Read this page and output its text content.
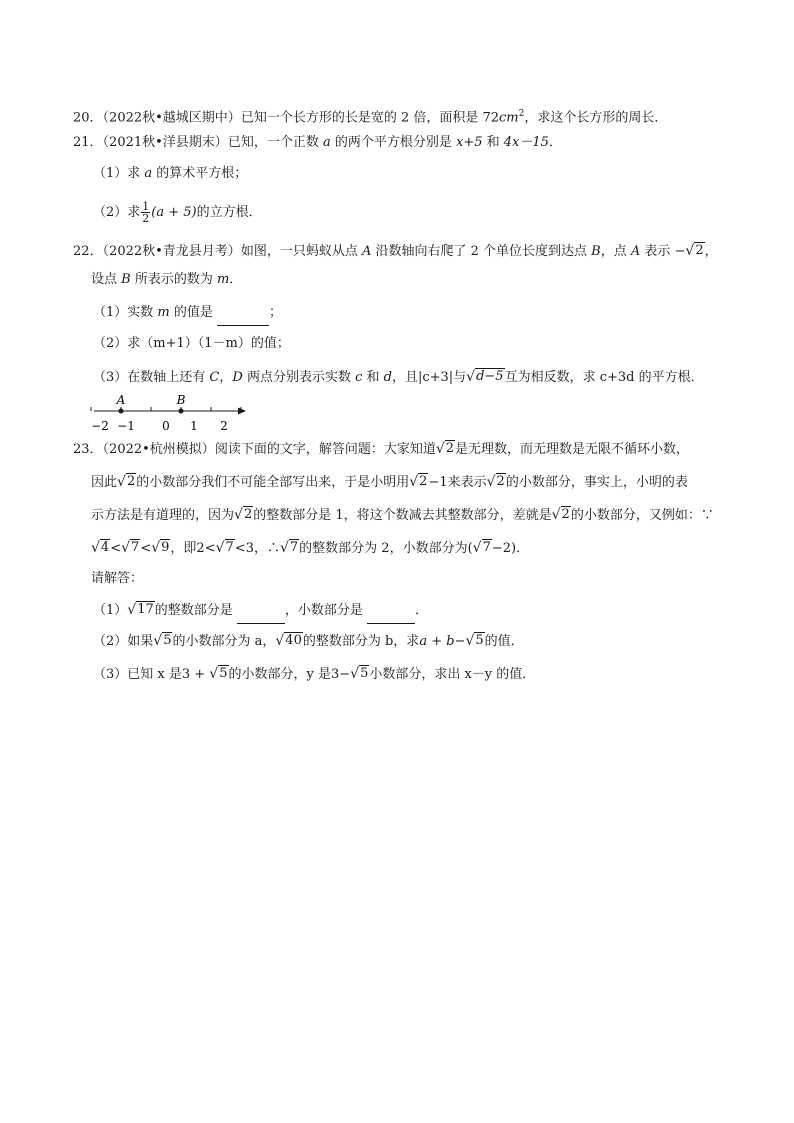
20．（2022秋•越城区期中）已知一个长方形的长是宽的 2 倍，面积是 $72cm^2$，求这个长方形的周长．
21．（2021秋•洋县期末）已知，一个正数 a 的两个平方根分别是 x+5 和 4x－15．
（1）求 a 的算术平方根；
（2）求 $\frac{1}{2} (a + 5)$的立方根．
22．（2022秋•青龙县月考）如图，一只蚂蚁从点 A 沿数轴向右爬了 2 个单位长度到达点 B，点 A 表示 − √ 2 ，
设点 B 所表示的数为 m．
（1）实数 m 的值是	；
（2）求（m+1）（1－m）的值；
（3）在数轴上还有 C，D 两点分别表示实数 c 和 d，且|c+3|与 √ d−5 互为相反数，求 c+3d 的平方根．
A	B
−2 −1 0 1 2
23．（2022•杭州模拟）阅读下面的文字，解答问题：大家知道 √ 2 是无理数，而无理数是无限不循环小数，
因此 √ 2 的小数部分我们不可能全部写出来，于是小明用 √ 2 −1来表示 √ 2 的小数部分，事实上，小明的表
示方法是有道理的，因为 √ 2 的整数部分是 1，将这个数减去其整数部分，差就是 √ 2 的小数部分，又例如：∵
√ 4 < √ 7 < √ 9 ，即2< √ 7 <3，∴ √ 7 的整数部分为 2，小数部分为( √ 7 −2)．
请解答：
（1） √ 17 的整数部分是	，小数部分是	．
（2）如果 √ 5 的小数部分为 a， √ 40 的整数部分为 b，求a + b− √ 5 的值．
（3）已知 x 是3 + √ 5 的小数部分，y 是3− √ 5 小数部分，求出 x－y 的值．
